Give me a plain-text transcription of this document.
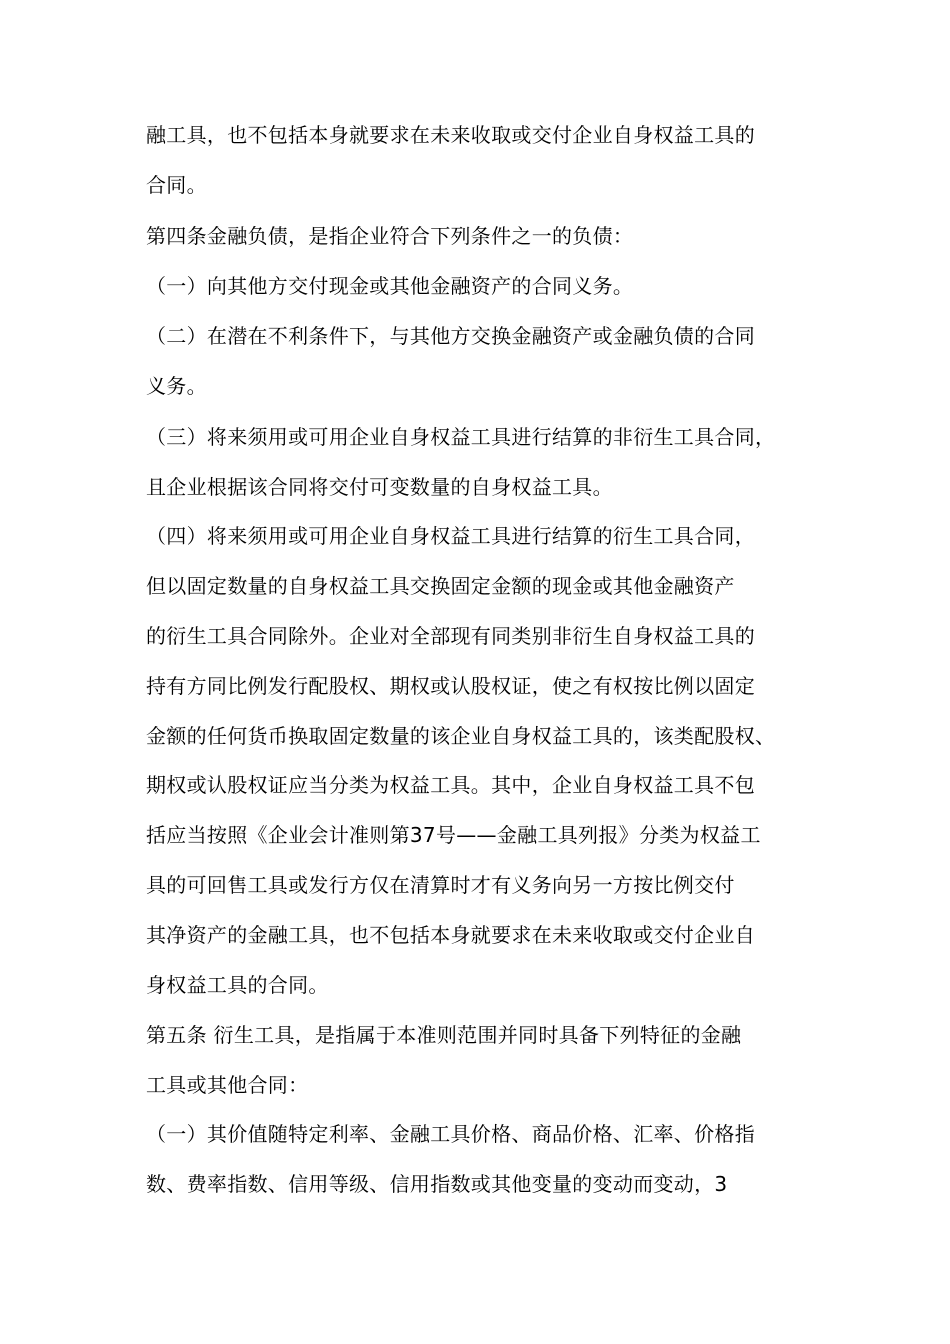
融工具，也不包括本身就要求在未来收取或交付企业自身权益工具的
合同。
第四条金融负债，是指企业符合下列条件之一的负债：
（一）向其他方交付现金或其他金融资产的合同义务。
（二）在潜在不利条件下，与其他方交换金融资产或金融负债的合同
义务。
（三）将来须用或可用企业自身权益工具进行结算的非衍生工具合同，
且企业根据该合同将交付可变数量的自身权益工具。
（四）将来须用或可用企业自身权益工具进行结算的衍生工具合同，
但以固定数量的自身权益工具交换固定金额的现金或其他金融资产
的衍生工具合同除外。企业对全部现有同类别非衍生自身权益工具的
持有方同比例发行配股权、期权或认股权证，使之有权按比例以固定
金额的任何货币换取固定数量的该企业自身权益工具的，该类配股权、
期权或认股权证应当分类为权益工具。其中，企业自身权益工具不包
括应当按照《企业会计准则第37号——金融工具列报》分类为权益工
具的可回售工具或发行方仅在清算时才有义务向另一方按比例交付
其净资产的金融工具，也不包括本身就要求在未来收取或交付企业自
身权益工具的合同。
第五条 衍生工具，是指属于本准则范围并同时具备下列特征的金融
工具或其他合同：
（一）其价值随特定利率、金融工具价格、商品价格、汇率、价格指
数、费率指数、信用等级、信用指数或其他变量的变动而变动，3
